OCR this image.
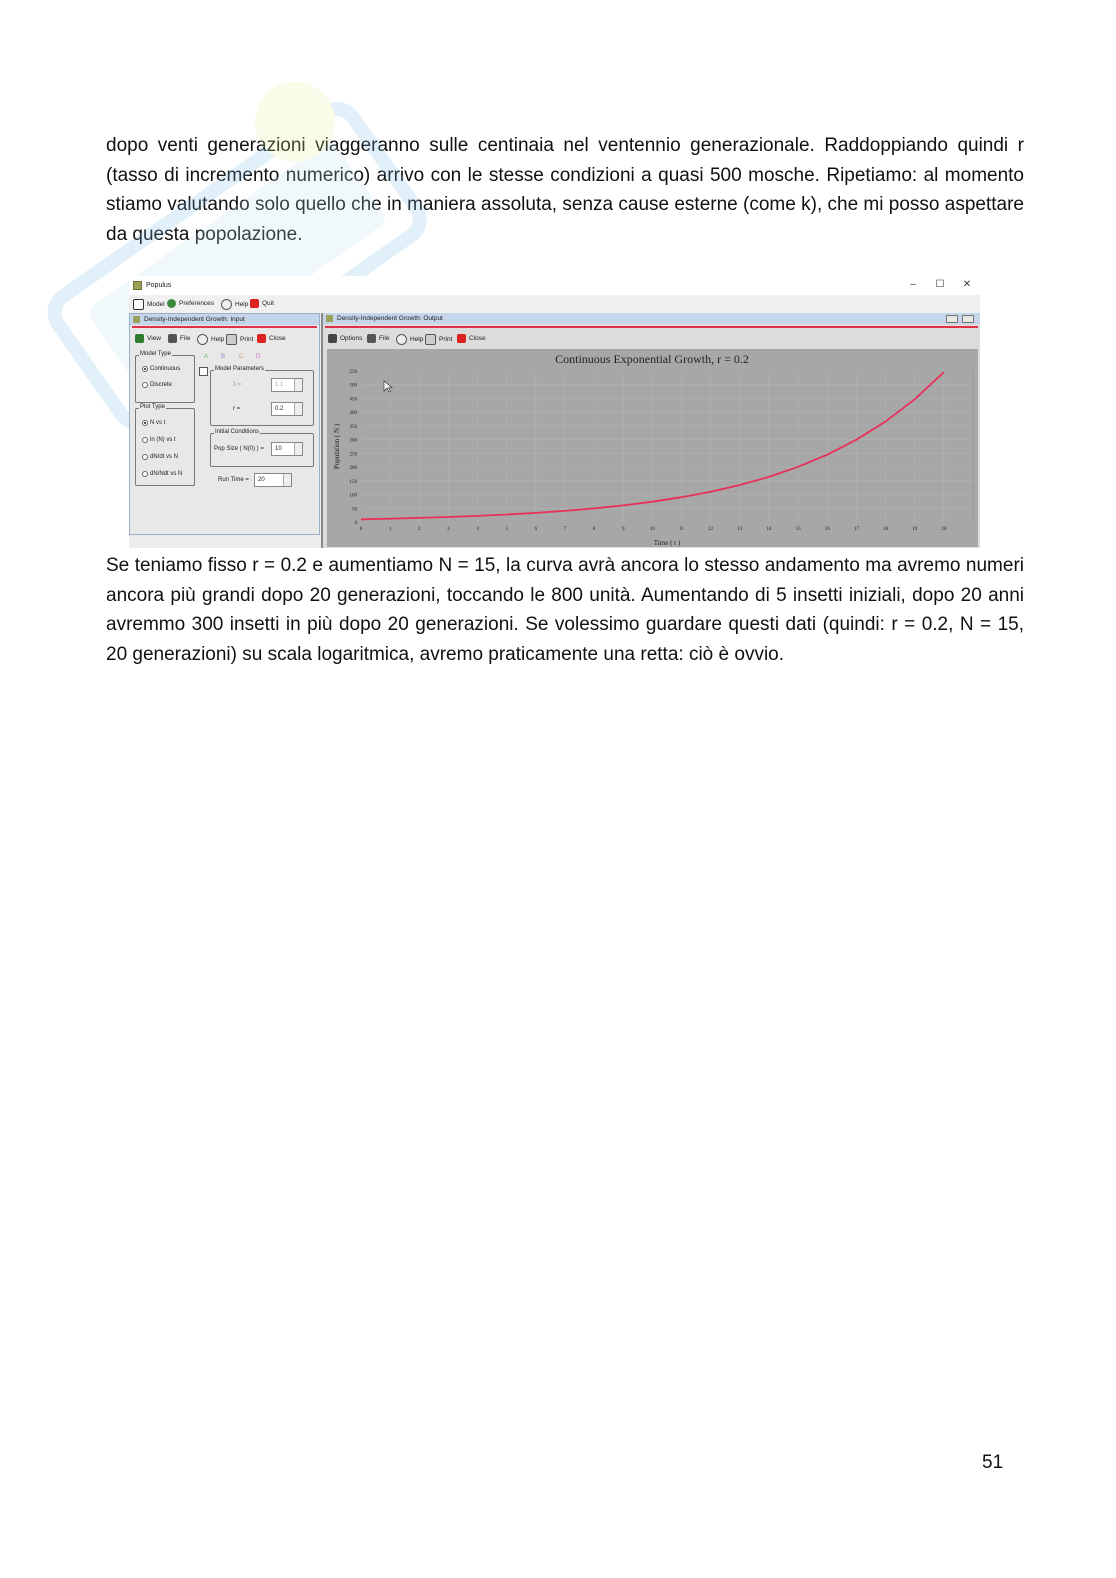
dopo venti generazioni viaggeranno sulle centinaia nel ventennio generazionale. Raddoppiando quindi r (tasso di incremento numerico) arrivo con le stesse condizioni a quasi 500 mosche. Ripetiamo: al momento stiamo valutando solo quello che in maniera assoluta, senza cause esterne (come k), che mi posso aspettare da questa popolazione.

Populus	–	☐ ✕
Model Preferences	Help Quit
Density-Independent Growth: Input
View	File	Help Print Close
Model Type
Continuous
Discrete
A B C D
Model Parameters
λ =	1.1
r =	0.2
Plot Type
N vs t
ln (N) vs t
dN/dt vs N
dN/Ndt vs N
Initial Conditions
Pop Size ( N(0) ) =	10
Run Time =	20
Density-Independent Growth: Output
Options	File	Help Print	Close
Continuous Exponential Growth, r = 0.2
Population ( N )
Time ( t )
0
50
100
150
200
250
300
350
400
450
500
550
0	1	2	3	4	5	6	7	8	9	10	11	12	13	14	15	16	17	18	19	20

Se teniamo fisso r = 0.2 e aumentiamo N = 15, la curva avrà ancora lo stesso andamento ma avremo numeri ancora più grandi dopo 20 generazioni, toccando le 800 unità. Aumentando di 5 insetti iniziali, dopo 20 anni avremmo 300 insetti in più dopo 20 generazioni. Se volessimo guardare questi dati (quindi: r = 0.2, N = 15, 20 generazioni) su scala logaritmica, avremo praticamente una retta: ciò è ovvio.

51
